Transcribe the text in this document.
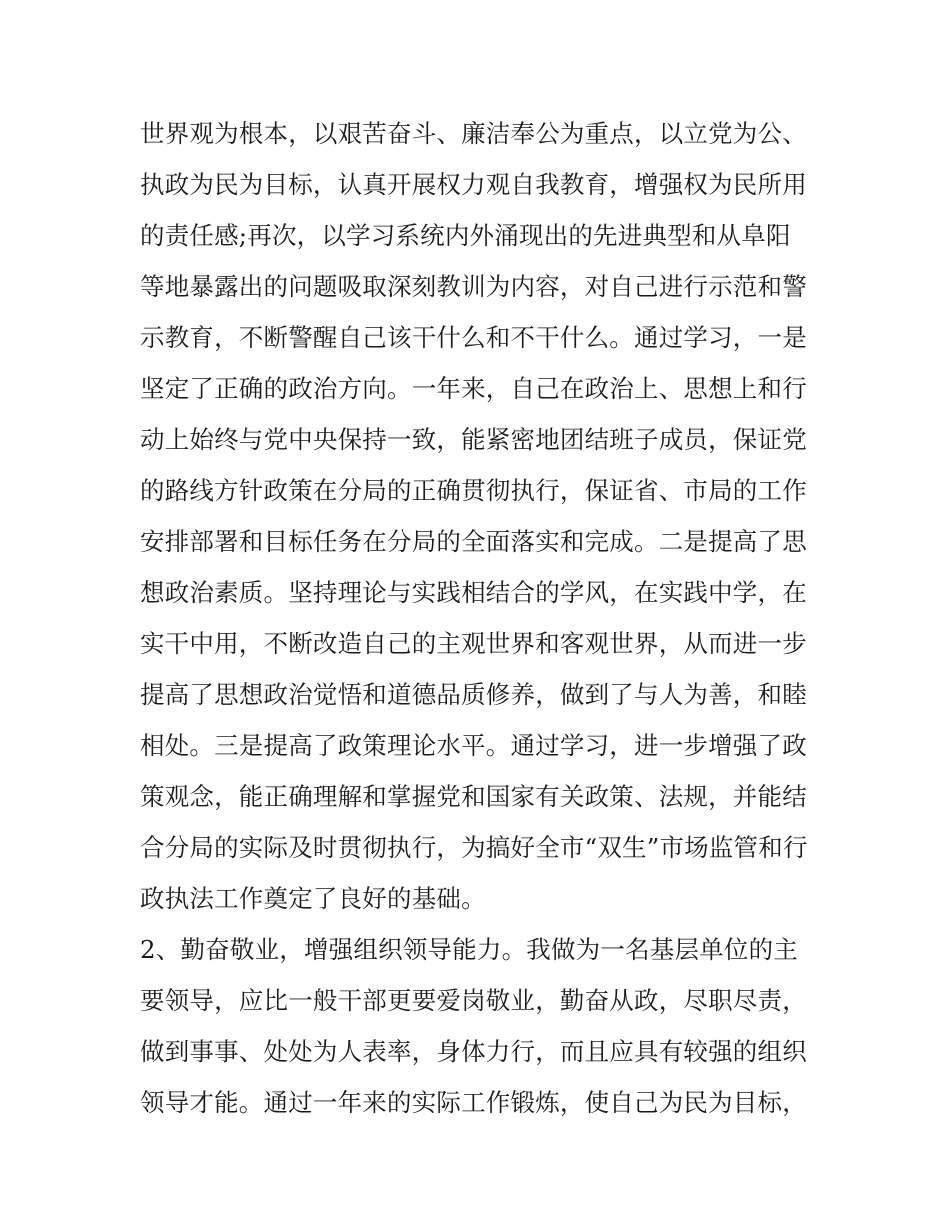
世界观为根本，以艰苦奋斗、廉洁奉公为重点，以立党为公、
执政为民为目标，认真开展权力观自我教育，增强权为民所用
的责任感;再次，以学习系统内外涌现出的先进典型和从阜阳
等地暴露出的问题吸取深刻教训为内容，对自己进行示范和警
示教育，不断警醒自己该干什么和不干什么。通过学习，一是
坚定了正确的政治方向。一年来，自己在政治上、思想上和行
动上始终与党中央保持一致，能紧密地团结班子成员，保证党
的路线方针政策在分局的正确贯彻执行，保证省、市局的工作
安排部署和目标任务在分局的全面落实和完成。二是提高了思
想政治素质。坚持理论与实践相结合的学风，在实践中学，在
实干中用，不断改造自己的主观世界和客观世界，从而进一步
提高了思想政治觉悟和道德品质修养，做到了与人为善，和睦
相处。三是提高了政策理论水平。通过学习，进一步增强了政
策观念，能正确理解和掌握党和国家有关政策、法规，并能结
合分局的实际及时贯彻执行，为搞好全市“双生”市场监管和行
政执法工作奠定了良好的基础。
2、勤奋敬业，增强组织领导能力。我做为一名基层单位的主
要领导，应比一般干部更要爱岗敬业，勤奋从政，尽职尽责，
做到事事、处处为人表率，身体力行，而且应具有较强的组织
领导才能。通过一年来的实际工作锻炼，使自己为民为目标，
